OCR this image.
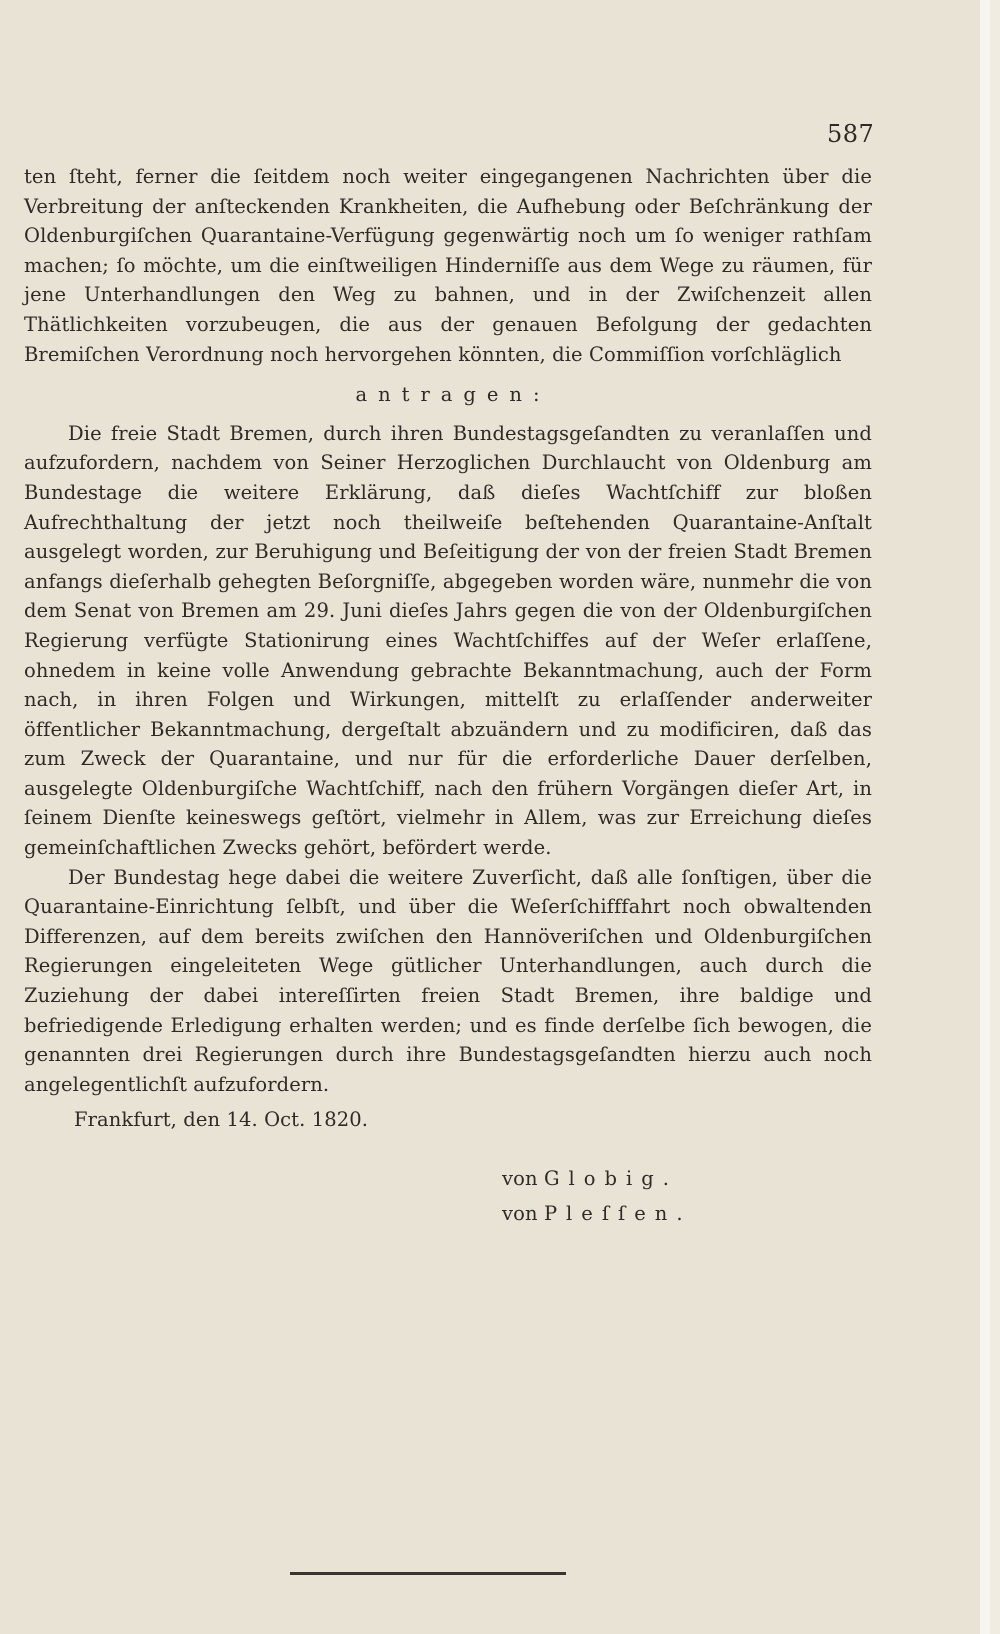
587

ten ſteht, ferner die ſeitdem noch weiter eingegangenen Nachrichten über die Verbreitung der anſteckenden Krankheiten, die Aufhebung oder Beſchränkung der Oldenburgiſchen Quarantaine-Verfügung gegenwärtig noch um ſo weniger rathſam machen; ſo möchte, um die einſtweiligen Hinderniſſe aus dem Wege zu räumen, für jene Unterhandlungen den Weg zu bahnen, und in der Zwiſchenzeit allen Thätlichkeiten vorzubeugen, die aus der genauen Befolgung der gedachten Bremiſchen Verordnung noch hervorgehen könnten, die Commiſſion vorſchläglich

antragen:

Die freie Stadt Bremen, durch ihren Bundestagsgeſandten zu veranlaſſen und aufzufordern, nachdem von Seiner Herzoglichen Durchlaucht von Oldenburg am Bundestage die weitere Erklärung, daß dieſes Wachtſchiff zur bloßen Aufrechthaltung der jetzt noch theilweiſe beſtehenden Quarantaine-Anſtalt ausgelegt worden, zur Beruhigung und Beſeitigung der von der freien Stadt Bremen anfangs dieſerhalb gehegten Beſorgniſſe, abgegeben worden wäre, nunmehr die von dem Senat von Bremen am 29. Juni dieſes Jahrs gegen die von der Oldenburgiſchen Regierung verfügte Stationirung eines Wachtſchiffes auf der Weſer erlaſſene, ohnedem in keine volle Anwendung gebrachte Bekanntmachung, auch der Form nach, in ihren Folgen und Wirkungen, mittelſt zu erlaſſender anderweiter öffentlicher Bekanntmachung, dergeſtalt abzuändern und zu modificiren, daß das zum Zweck der Quarantaine, und nur für die erforderliche Dauer derſelben, ausgelegte Oldenburgiſche Wachtſchiff, nach den frühern Vorgängen dieſer Art, in ſeinem Dienſte keineswegs geſtört, vielmehr in Allem, was zur Erreichung dieſes gemeinſchaftlichen Zwecks gehört, befördert werde.

Der Bundestag hege dabei die weitere Zuverſicht, daß alle ſonſtigen, über die Quarantaine-Einrichtung ſelbſt, und über die Weſerſchifffahrt noch obwaltenden Differenzen, auf dem bereits zwiſchen den Hannöveriſchen und Oldenburgiſchen Regierungen eingeleiteten Wege gütlicher Unterhandlungen, auch durch die Zuziehung der dabei intereſſirten freien Stadt Bremen, ihre baldige und befriedigende Erledigung erhalten werden; und es finde derſelbe ſich bewogen, die genannten drei Regierungen durch ihre Bundestagsgeſandten hierzu auch noch angelegentlichſt aufzufordern.

Frankfurt, den 14. Oct. 1820.

von Globig.
von Pleſſen.
